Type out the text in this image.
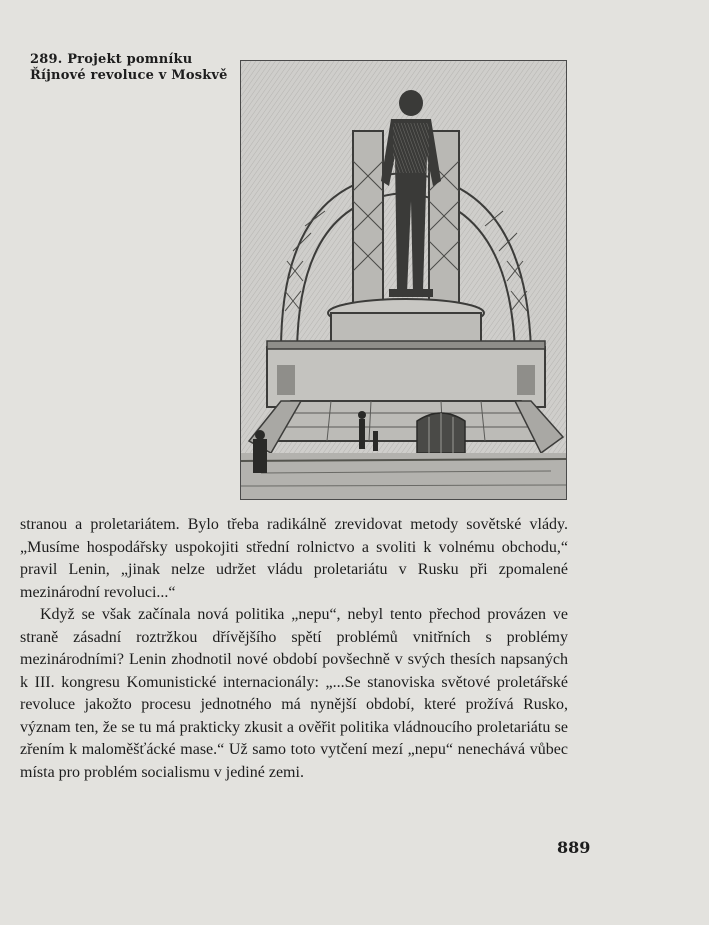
289. Projekt pomníku
Říjnové revoluce v Moskvě

stranou a proletariátem. Bylo třeba radikálně zrevidovat metody sovětské vlády. „Musíme hospodářsky uspokojiti střední rolnictvo a svoliti k volnému obchodu,“ pravil Lenin, „jinak nelze udržet vládu proletariátu v Rusku při zpomalené mezinárodní revoluci...“

Když se však začínala nová politika „nepu“, nebyl tento přechod provázen ve straně zásadní roztržkou dřívějšího spětí problémů vnitřních s problémy mezinárodními? Lenin zhodnotil nové období povšechně v svých thesích napsaných k III. kongresu Komunistické internacionály: „...Se stanoviska světové proletářské revoluce jakožto procesu jednotného má nynější období, které prožívá Rusko, význam ten, že se tu má prakticky zkusit a ověřit politika vládnoucího proletariátu se zřením k maloměšťácké mase.“ Už samo toto vytčení mezí „nepu“ nenechává vůbec místa pro problém socialismu v jediné zemi.

889
